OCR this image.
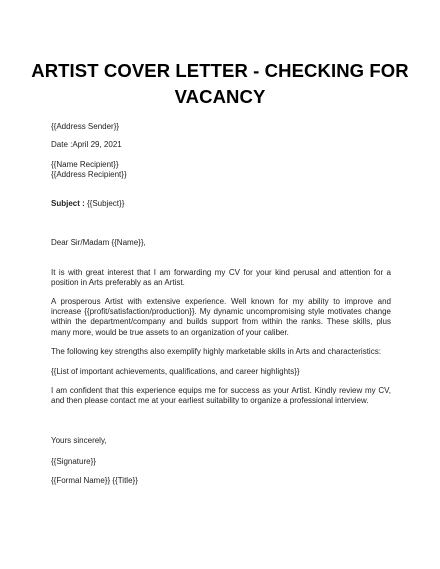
ARTIST COVER LETTER - CHECKING FOR VACANCY
{{Address Sender}}
Date :April 29, 2021
{{Name Recipient}}
{{Address Recipient}}
Subject : {{Subject}}
Dear Sir/Madam {{Name}},
It is with great interest that I am forwarding my CV for your kind perusal and attention for a position in Arts preferably as an Artist.
A prosperous Artist with extensive experience. Well known for my ability to improve and increase {{profit/satisfaction/production}}. My dynamic uncompromising style motivates change within the department/company and builds support from within the ranks. These skills, plus many more, would be true assets to an organization of your caliber.
The following key strengths also exemplify highly marketable skills in Arts and characteristics:
{{List of important achievements, qualifications, and career highlights}}
I am confident that this experience equips me for success as your Artist. Kindly review my CV, and then please contact me at your earliest suitability to organize a professional interview.
Yours sincerely,
{{Signature}}
{{Formal Name}} {{Title}}
